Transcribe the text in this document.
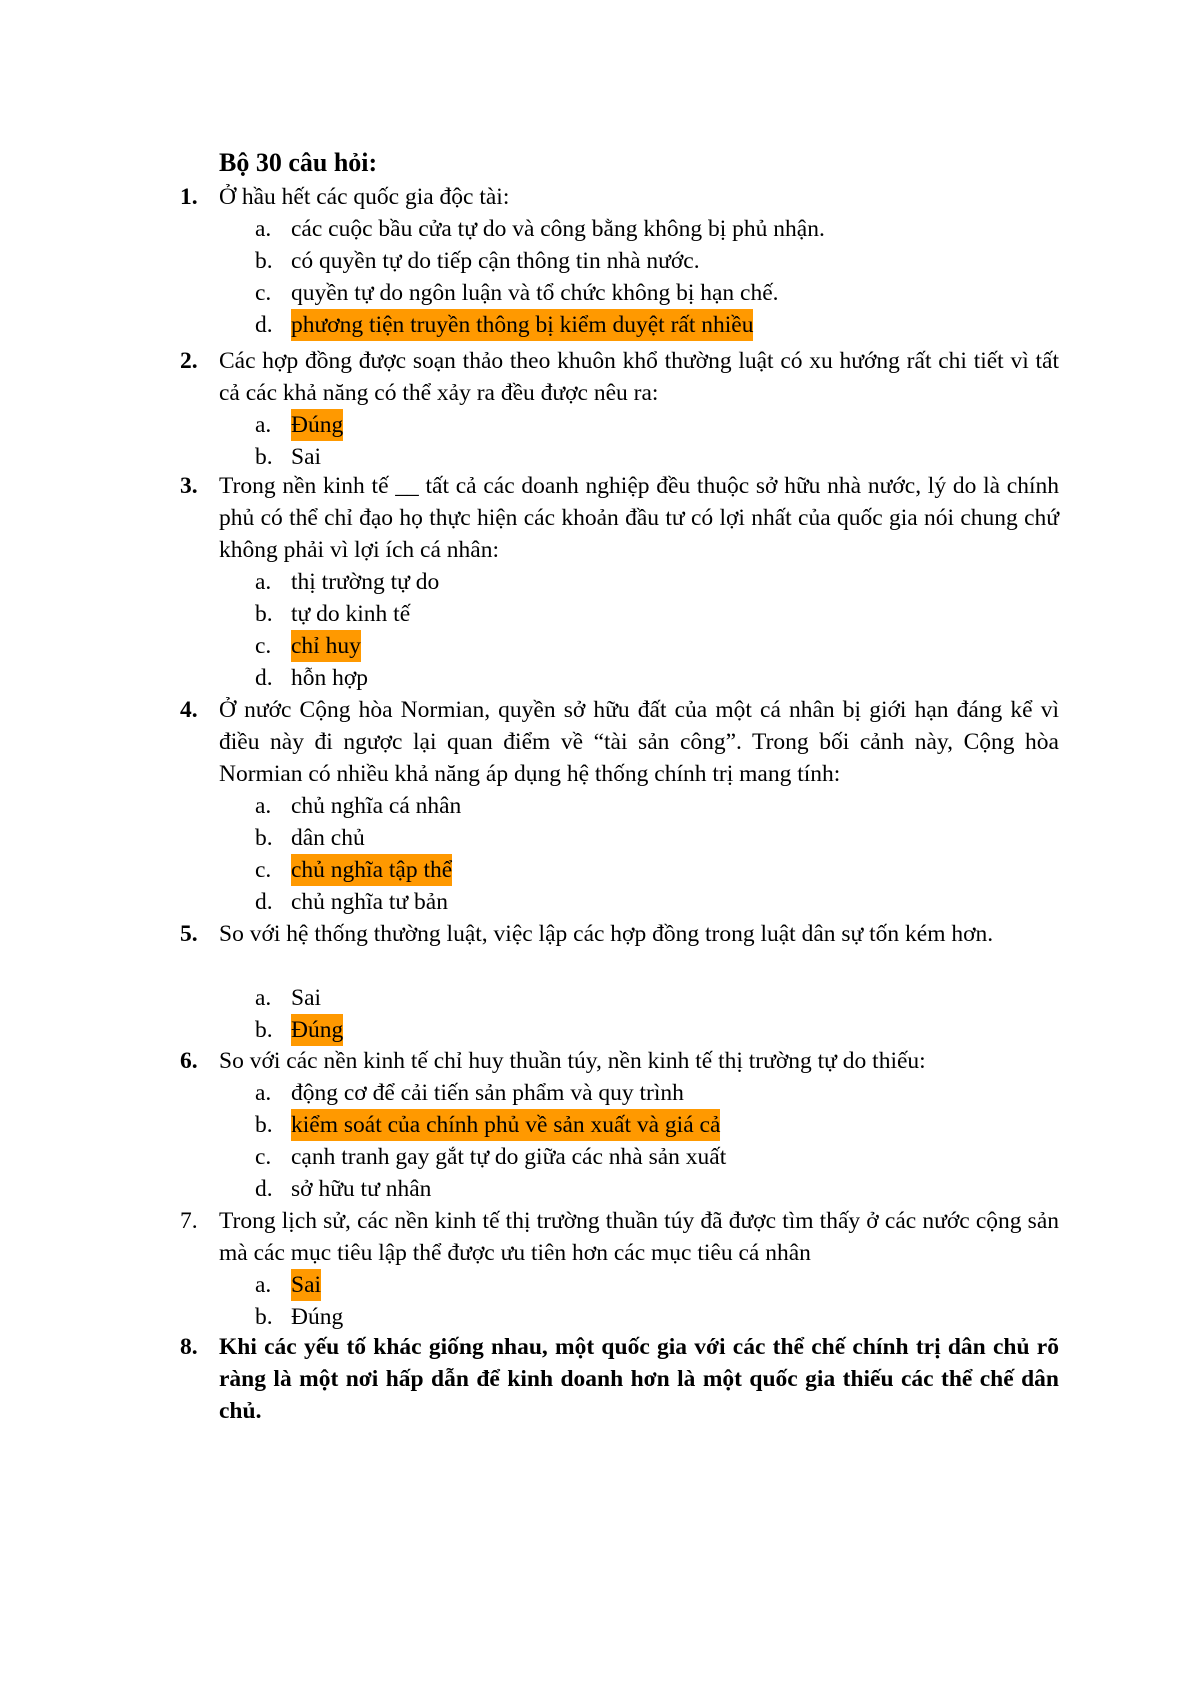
Bộ 30 câu hỏi:
1. Ở hầu hết các quốc gia độc tài:
a. các cuộc bầu cửa tự do và công bằng không bị phủ nhận.
b. có quyền tự do tiếp cận thông tin nhà nước.
c. quyền tự do ngôn luận và tổ chức không bị hạn chế.
d. phương tiện truyền thông bị kiểm duyệt rất nhiều
2. Các hợp đồng được soạn thảo theo khuôn khổ thường luật có xu hướng rất chi tiết vì tất cả các khả năng có thể xảy ra đều được nêu ra:
a. Đúng
b. Sai
3. Trong nền kinh tế __ tất cả các doanh nghiệp đều thuộc sở hữu nhà nước, lý do là chính phủ có thể chỉ đạo họ thực hiện các khoản đầu tư có lợi nhất của quốc gia nói chung chứ không phải vì lợi ích cá nhân:
a. thị trường tự do
b. tự do kinh tế
c. chỉ huy
d. hỗn hợp
4. Ở nước Cộng hòa Normian, quyền sở hữu đất của một cá nhân bị giới hạn đáng kể vì điều này đi ngược lại quan điểm về “tài sản công”. Trong bối cảnh này, Cộng hòa Normian có nhiều khả năng áp dụng hệ thống chính trị mang tính:
a. chủ nghĩa cá nhân
b. dân chủ
c. chủ nghĩa tập thể
d. chủ nghĩa tư bản
5. So với hệ thống thường luật, việc lập các hợp đồng trong luật dân sự tốn kém hơn.
a. Sai
b. Đúng
6. So với các nền kinh tế chỉ huy thuần túy, nền kinh tế thị trường tự do thiếu:
a. động cơ để cải tiến sản phẩm và quy trình
b. kiểm soát của chính phủ về sản xuất và giá cả
c. cạnh tranh gay gắt tự do giữa các nhà sản xuất
d. sở hữu tư nhân
7. Trong lịch sử, các nền kinh tế thị trường thuần túy đã được tìm thấy ở các nước cộng sản mà các mục tiêu lập thể được ưu tiên hơn các mục tiêu cá nhân
a. Sai
b. Đúng
8. Khi các yếu tố khác giống nhau, một quốc gia với các thể chế chính trị dân chủ rõ ràng là một nơi hấp dẫn để kinh doanh hơn là một quốc gia thiếu các thể chế dân chủ.
